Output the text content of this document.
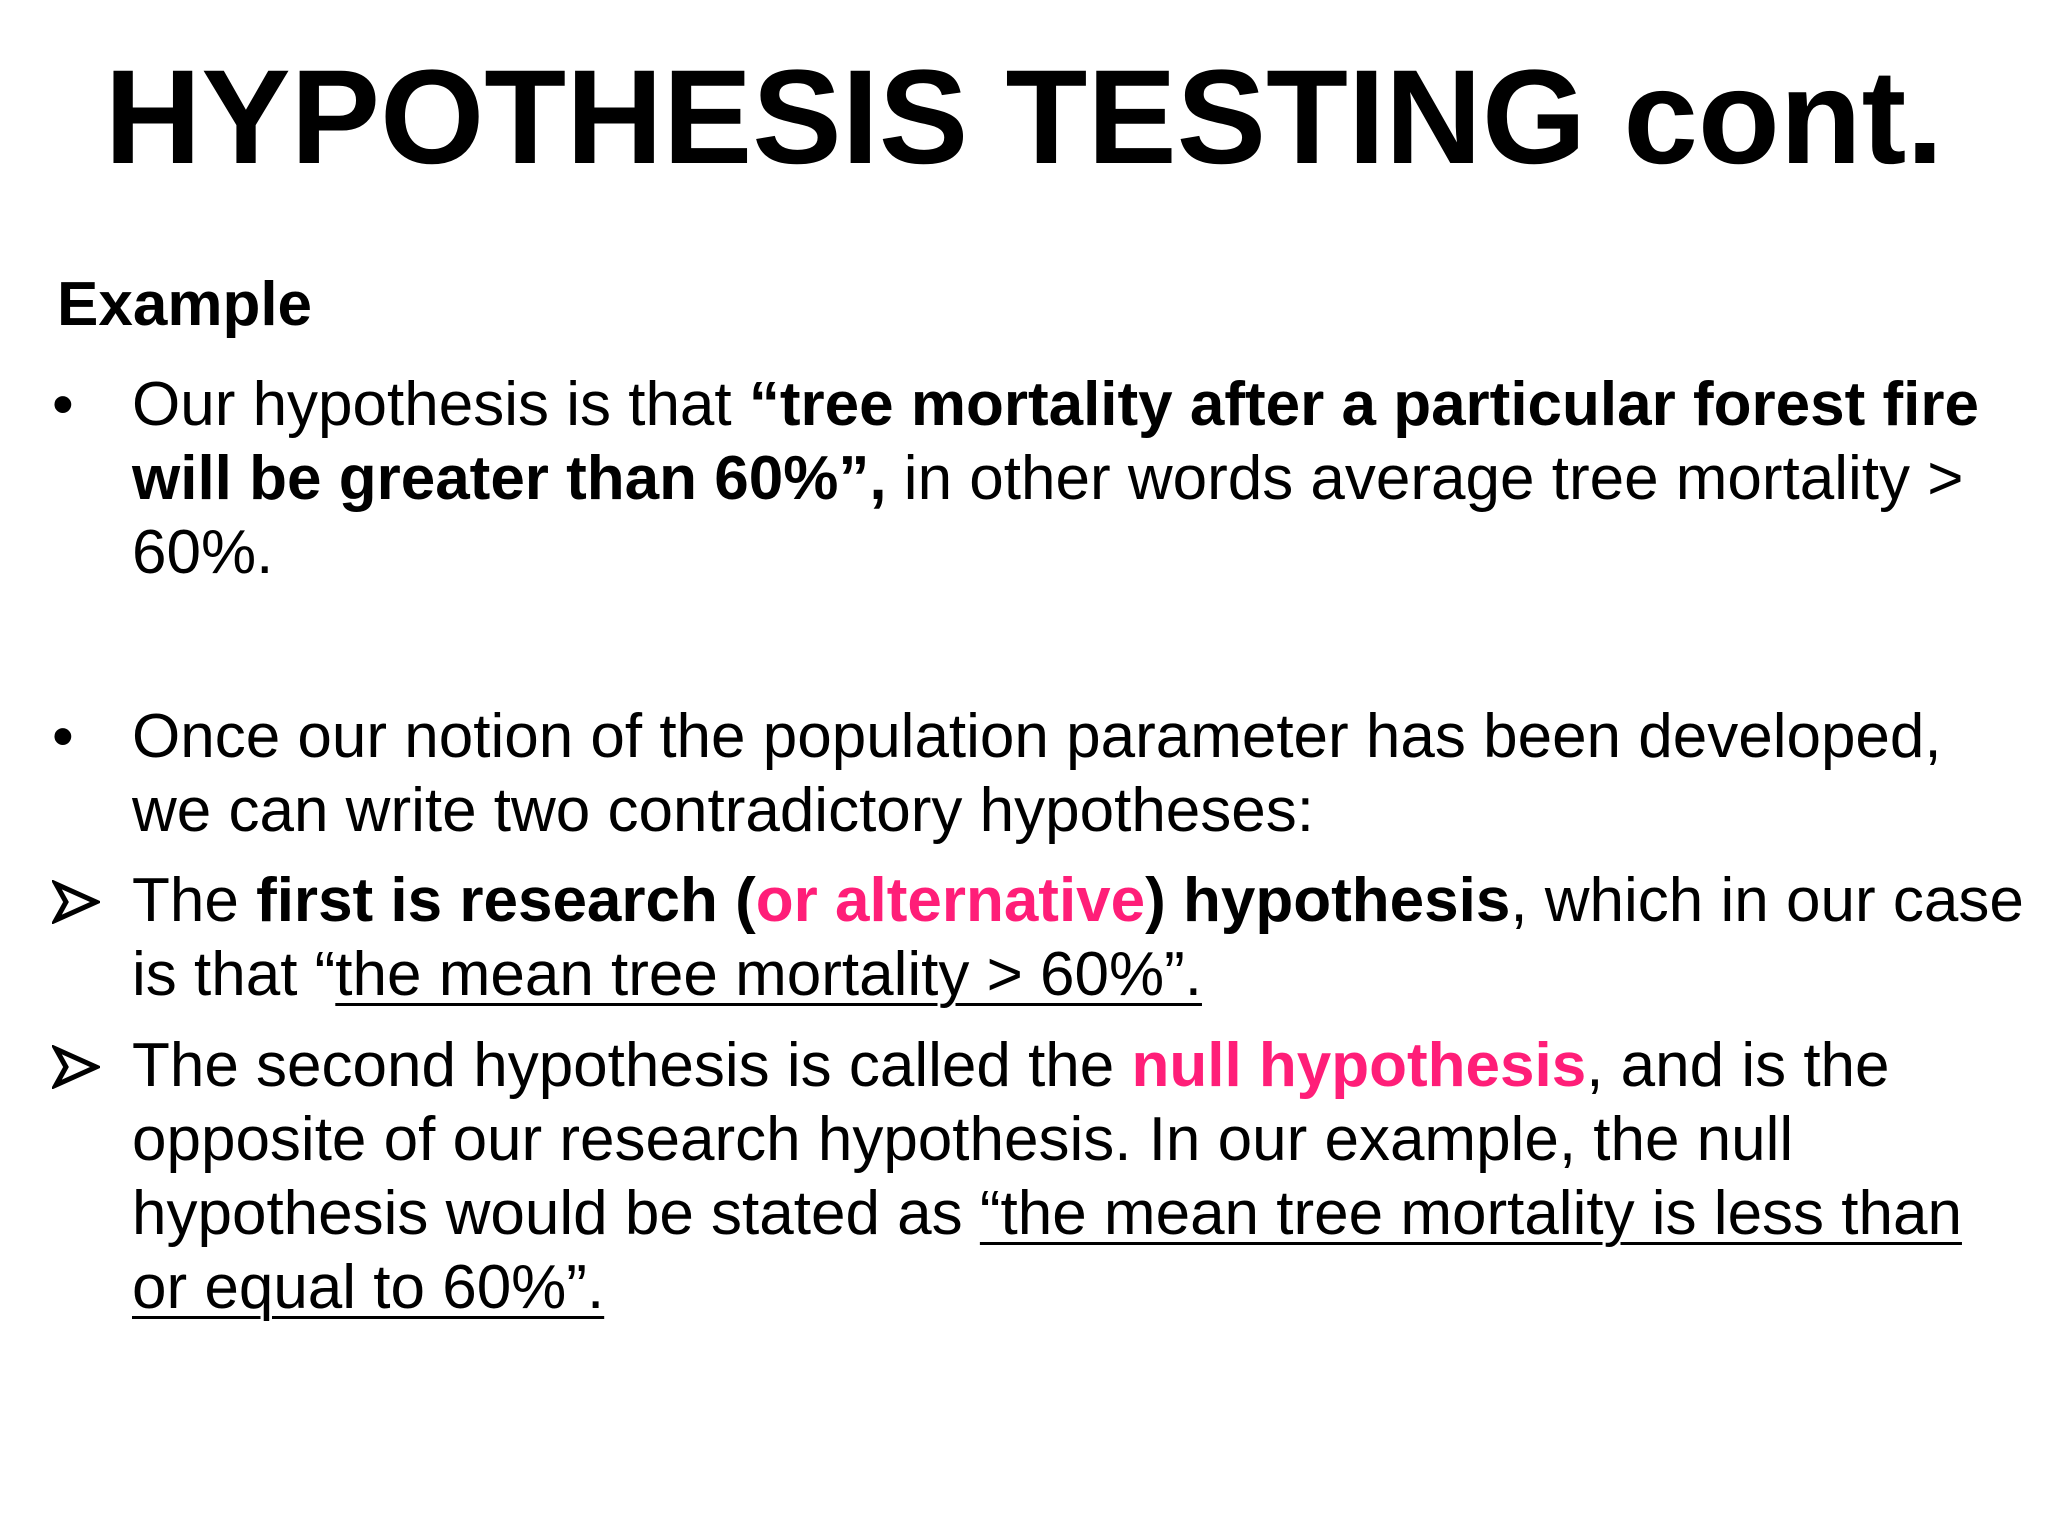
HYPOTHESIS TESTING cont.
Example
• Our hypothesis is that “tree mortality after a particular forest fire will be greater than 60%”, in other words average tree mortality > 60%.

• Once our notion of the population parameter has been developed, we can write two contradictory hypotheses:

The first is research (or alternative) hypothesis, which in our case is that “the mean tree mortality > 60%”.

The second hypothesis is called the null hypothesis, and is the opposite of our research hypothesis. In our example, the null hypothesis would be stated as “the mean tree mortality is less than or equal to 60%”.
